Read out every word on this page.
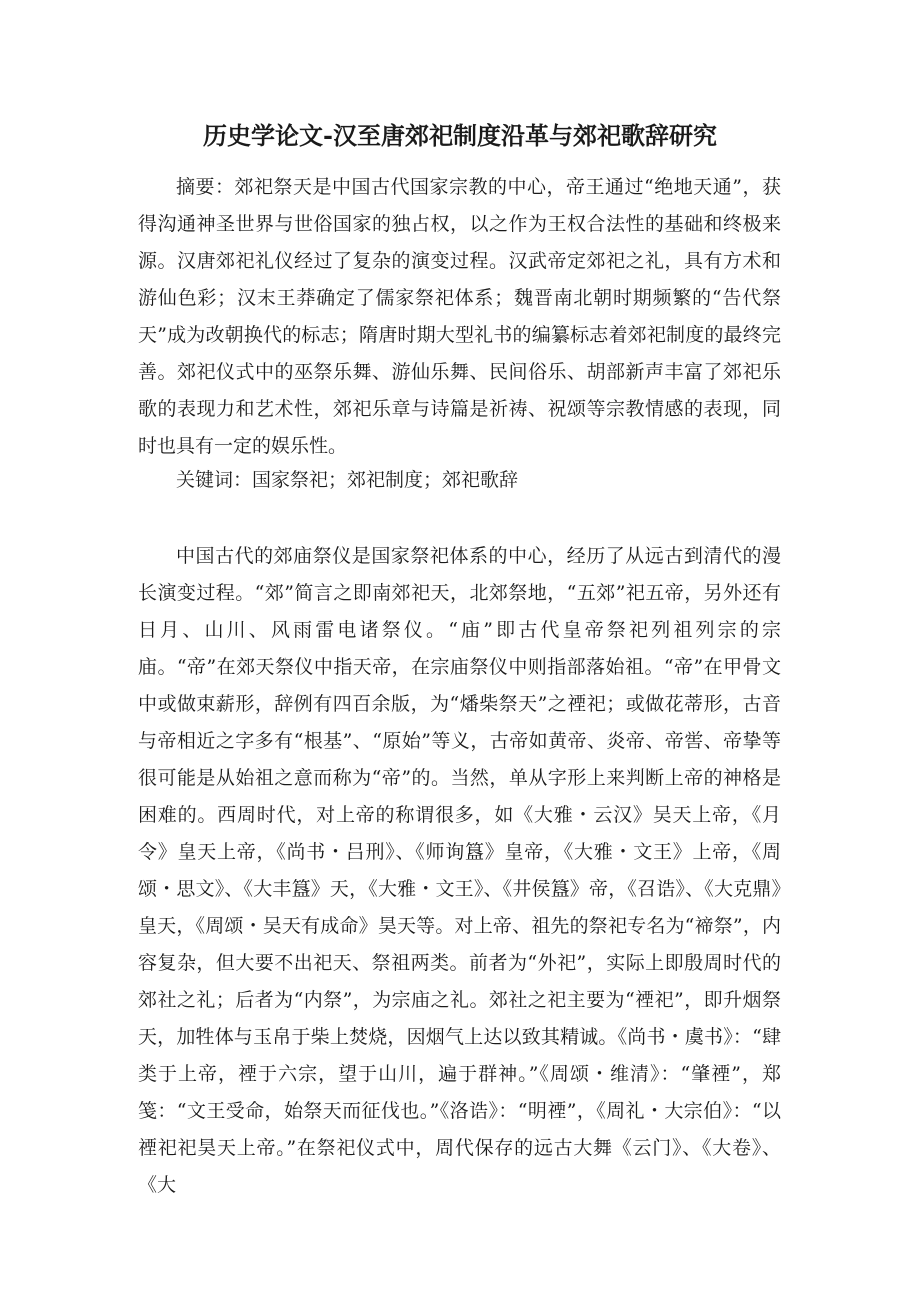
历史学论文-汉至唐郊祀制度沿革与郊祀歌辞研究

摘要：郊祀祭天是中国古代国家宗教的中心，帝王通过“绝地天通”，获得沟通神圣世界与世俗国家的独占权，以之作为王权合法性的基础和终极来源。汉唐郊祀礼仪经过了复杂的演变过程。汉武帝定郊祀之礼，具有方术和游仙色彩；汉末王莽确定了儒家祭祀体系；魏晋南北朝时期频繁的“告代祭天”成为改朝换代的标志；隋唐时期大型礼书的编纂标志着郊祀制度的最终完善。郊祀仪式中的巫祭乐舞、游仙乐舞、民间俗乐、胡部新声丰富了郊祀乐歌的表现力和艺术性，郊祀乐章与诗篇是祈祷、祝颂等宗教情感的表现，同时也具有一定的娱乐性。

关键词：国家祭祀；郊祀制度；郊祀歌辞

中国古代的郊庙祭仪是国家祭祀体系的中心，经历了从远古到清代的漫长演变过程。“郊”简言之即南郊祀天，北郊祭地，“五郊”祀五帝，另外还有日月、山川、风雨雷电诸祭仪。“庙”即古代皇帝祭祀列祖列宗的宗庙。“帝”在郊天祭仪中指天帝，在宗庙祭仪中则指部落始祖。“帝”在甲骨文中或做束薪形，辞例有四百余版，为“燔柴祭天”之禋祀；或做花蒂形，古音与帝相近之字多有“根基”、“原始”等义，古帝如黄帝、炎帝、帝喾、帝挚等很可能是从始祖之意而称为“帝”的。当然，单从字形上来判断上帝的神格是困难的。西周时代，对上帝的称谓很多，如《大雅・云汉》吴天上帝，《月令》皇天上帝，《尚书・吕刑》、《师询簋》皇帝，《大雅・文王》上帝，《周颂・思文》、《大丰簋》天，《大雅・文王》、《井侯簋》帝，《召诰》、《大克鼎》皇天，《周颂・吴天有成命》昊天等。对上帝、祖先的祭祀专名为“禘祭”，内容复杂，但大要不出祀天、祭祖两类。前者为“外祀”，实际上即殷周时代的郊社之礼；后者为“内祭”，为宗庙之礼。郊社之祀主要为“禋祀”，即升烟祭天，加牲体与玉帛于柴上焚烧，因烟气上达以致其精诚。《尚书・虞书》：“肆类于上帝，禋于六宗，望于山川，遍于群神。”《周颂・维清》：“肇禋”，郑笺：“文王受命，始祭天而征伐也。”《洛诰》：“明禋”，《周礼・大宗伯》：“以禋祀祀昊天上帝。”在祭祀仪式中，周代保存的远古大舞《云门》、《大卷》、《大
